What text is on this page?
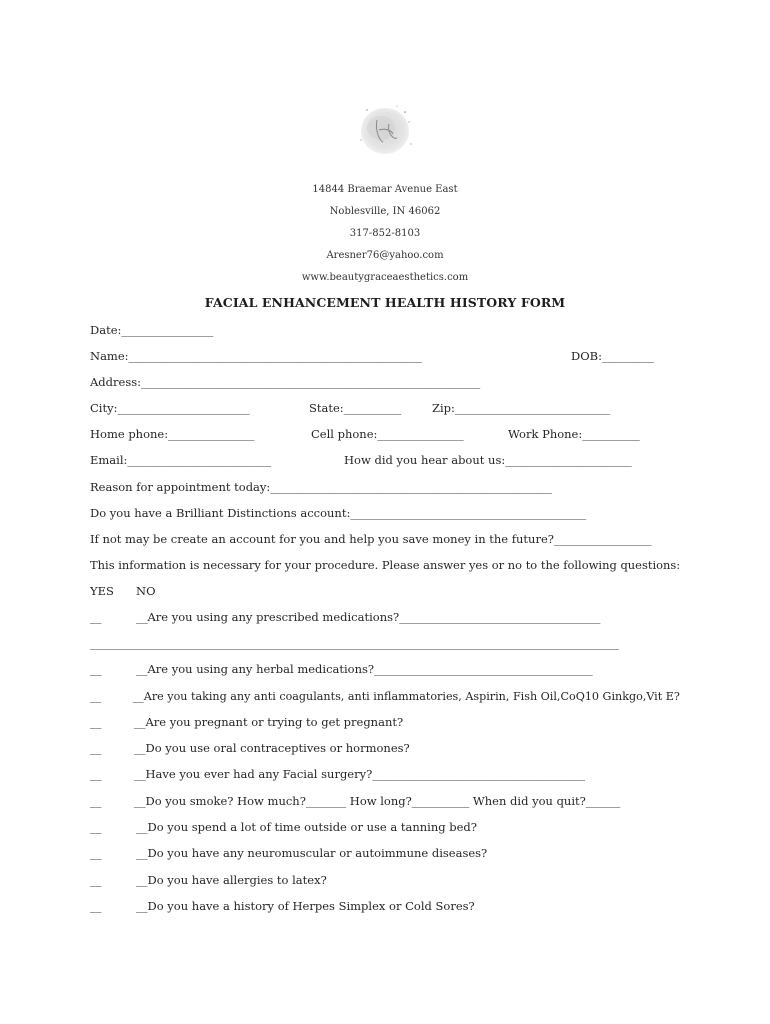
14844 Braemar Avenue East
Noblesville, IN 46062
317-852-8103
Aresner76@yahoo.com
www.beautygraceaesthetics.com
FACIAL ENHANCEMENT HEALTH HISTORY FORM
Date:________________
Name:___________________________________________________	DOB:_________
Address:___________________________________________________________
City:_______________________	State:__________	Zip:___________________________
Home phone:_______________	Cell phone:_______________	Work Phone:__________
Email:_________________________	How did you hear about us:______________________
Reason for appointment today:_________________________________________________
Do you have a Brilliant Distinctions account:_________________________________________
If not may be create an account for you and help you save money in the future?_________________
This information is necessary for your procedure. Please answer yes or no to the following questions:
YES NO
__	__Are you using any prescribed medications?___________________________________
____________________________________________________________________________________________
__	__Are you using any herbal medications?______________________________________
__	__Are you taking any anti coagulants, anti inflammatories, Aspirin, Fish Oil,CoQ10 Ginkgo,Vit E?
__	__Are you pregnant or trying to get pregnant?
__	__Do you use oral contraceptives or hormones?
__	__Have you ever had any Facial surgery?_____________________________________
__	__Do you smoke? How much?_______ How long?__________ When did you quit?______
__	__Do you spend a lot of time outside or use a tanning bed?
__	__Do you have any neuromuscular or autoimmune diseases?
__	__Do you have allergies to latex?
__	__Do you have a history of Herpes Simplex or Cold Sores?
